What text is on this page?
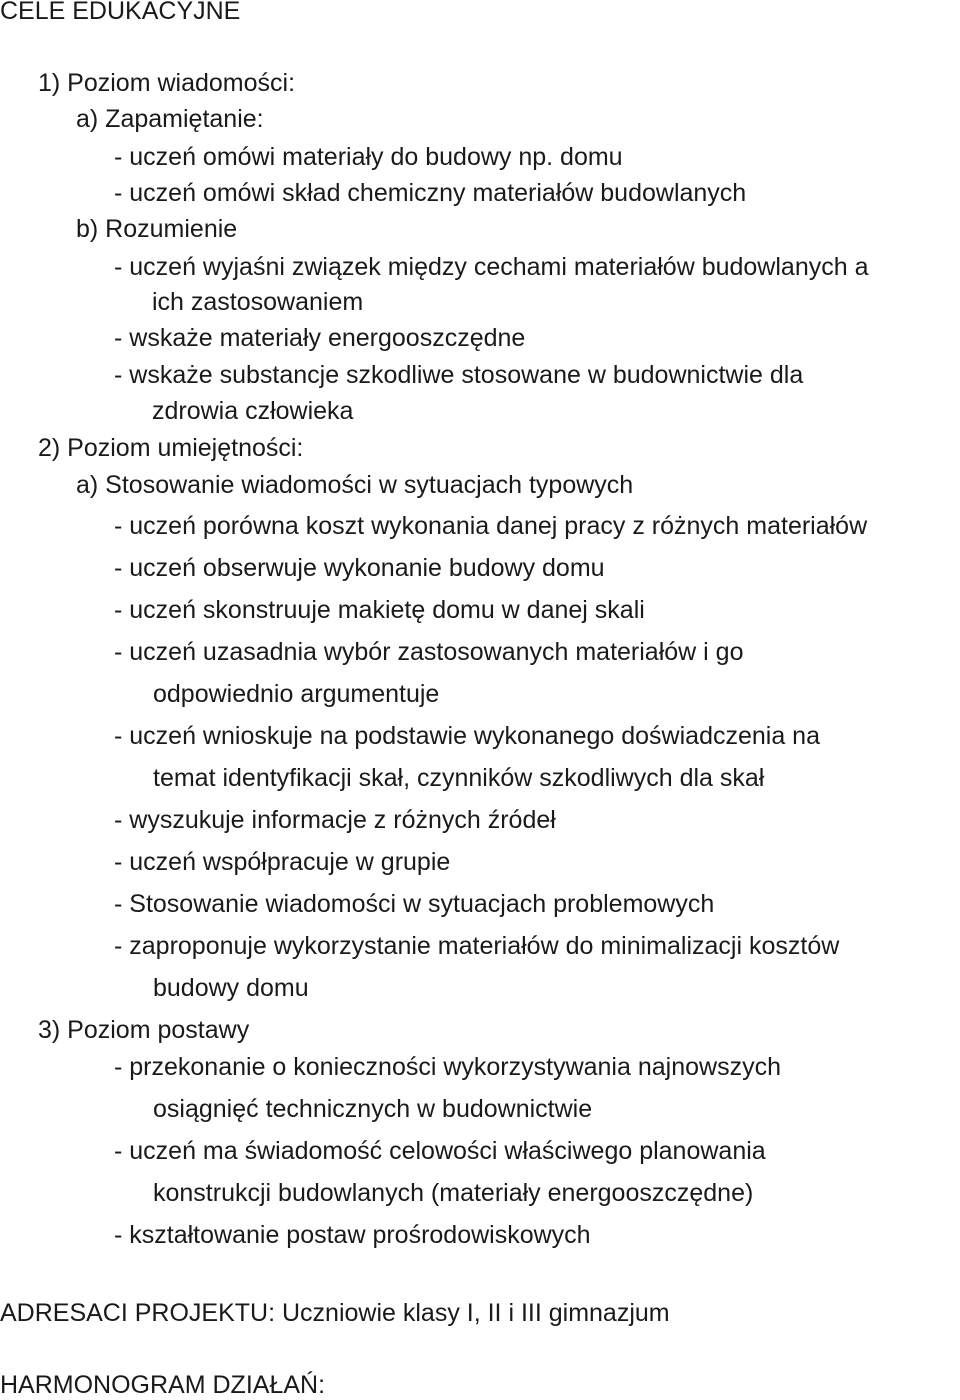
CELE EDUKACYJNE
1) Poziom wiadomości:
a) Zapamiętanie:
- uczeń omówi materiały do budowy np. domu
- uczeń omówi skład chemiczny materiałów budowlanych
b) Rozumienie
- uczeń wyjaśni związek między cechami materiałów budowlanych a
ich zastosowaniem
- wskaże materiały energooszczędne
- wskaże substancje szkodliwe stosowane w budownictwie dla
zdrowia człowieka
2) Poziom umiejętności:
a) Stosowanie wiadomości w sytuacjach typowych
- uczeń porówna koszt wykonania danej pracy z różnych materiałów
- uczeń obserwuje wykonanie budowy domu
- uczeń skonstruuje makietę domu w danej skali
- uczeń uzasadnia wybór zastosowanych materiałów i go
odpowiednio argumentuje
- uczeń wnioskuje na podstawie wykonanego doświadczenia na
temat identyfikacji skał, czynników szkodliwych dla skał
- wyszukuje informacje z różnych źródeł
- uczeń współpracuje w grupie
- Stosowanie wiadomości w sytuacjach problemowych
- zaproponuje wykorzystanie materiałów do minimalizacji kosztów
budowy domu
3) Poziom postawy
- przekonanie o konieczności wykorzystywania najnowszych
osiągnięć technicznych w budownictwie
- uczeń ma świadomość celowości właściwego planowania
konstrukcji budowlanych (materiały energooszczędne)
- kształtowanie postaw prośrodowiskowych
ADRESACI PROJEKTU: Uczniowie klasy I, II i III gimnazjum
HARMONOGRAM DZIAŁAŃ:
